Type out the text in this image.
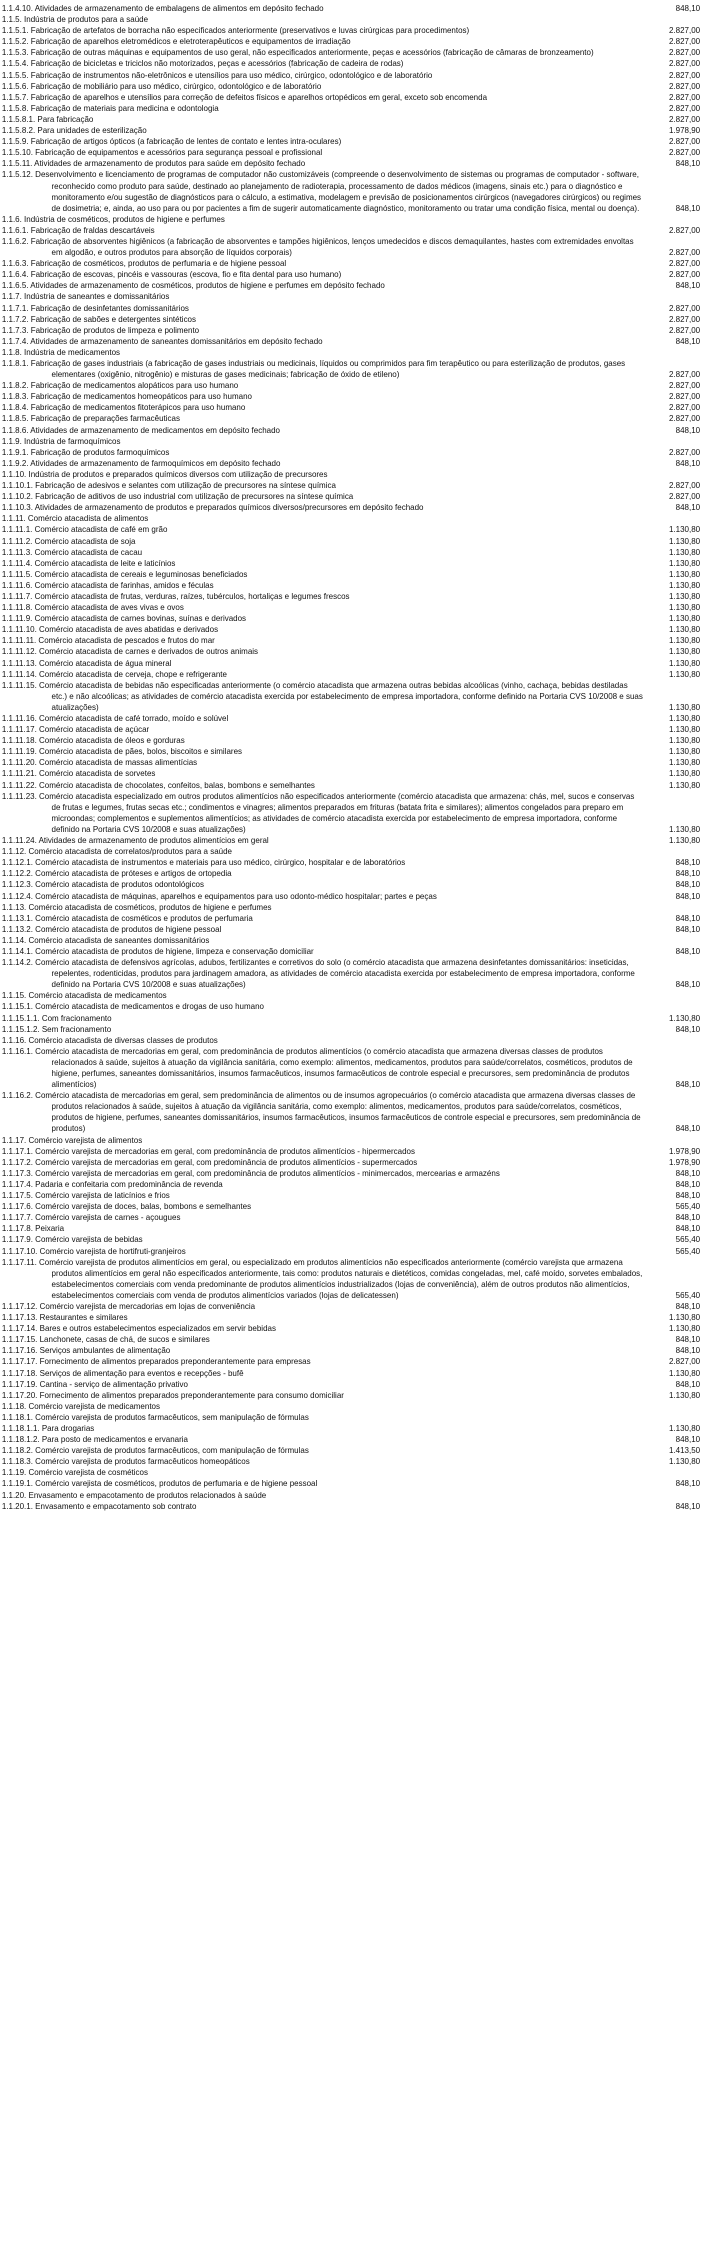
1.1.4.10. Atividades de armazenamento de embalagens de alimentos em depósito fechado	848,10
1.1.5. Indústria de produtos para a saúde
1.1.5.1. Fabricação de artefatos de borracha não especificados anteriormente (preservativos e luvas cirúrgicas para procedimentos)	2.827,00
1.1.5.2. Fabricação de aparelhos eletromédicos e eletroterapêuticos e equipamentos de irradiação	2.827,00
1.1.5.3. Fabricação de outras máquinas e equipamentos de uso geral, não especificados anteriormente, peças e acessórios (fabricação de câmaras de bronzeamento)	2.827,00
1.1.5.4. Fabricação de bicicletas e triciclos não motorizados, peças e acessórios (fabricação de cadeira de rodas)	2.827,00
1.1.5.5. Fabricação de instrumentos não-eletrônicos e utensílios para uso médico, cirúrgico, odontológico e de laboratório	2.827,00
1.1.5.6. Fabricação de mobiliário para uso médico, cirúrgico, odontológico e de laboratório	2.827,00
1.1.5.7. Fabricação de aparelhos e utensílios para correção de defeitos físicos e aparelhos ortopédicos em geral, exceto sob encomenda	2.827,00
1.1.5.8. Fabricação de materiais para medicina e odontologia	2.827,00
1.1.5.8.1. Para fabricação	2.827,00
1.1.5.8.2. Para unidades de esterilização	1.978,90
1.1.5.9. Fabricação de artigos ópticos (a fabricação de lentes de contato e lentes intra-oculares)	2.827,00
1.1.5.10. Fabricação de equipamentos e acessórios para segurança pessoal e profissional	2.827,00
1.1.5.11. Atividades de armazenamento de produtos para saúde em depósito fechado	848,10
1.1.5.12. Desenvolvimento e licenciamento de programas de computador não customizáveis (compreende o desenvolvimento de sistemas ou programas de computador - software, reconhecido como produto para saúde, destinado ao planejamento de radioterapia, processamento de dados médicos (imagens, sinais etc.) para o diagnóstico e monitoramento e/ou sugestão de diagnósticos para o cálculo, a estimativa, modelagem e previsão de posicionamentos cirúrgicos (navegadores cirúrgicos) ou regimes de dosimetria; e, ainda, ao uso para ou por pacientes a fim de sugerir automaticamente diagnóstico, monitoramento ou tratar uma condição física, mental ou doença).	848,10
1.1.6. Indústria de cosméticos, produtos de higiene e perfumes
1.1.6.1. Fabricação de fraldas descartáveis	2.827,00
1.1.6.2. Fabricação de absorventes higiênicos (a fabricação de absorventes e tampões higiênicos, lenços umedecidos e discos demaquilantes, hastes com extremidades envoltas em algodão, e outros produtos para absorção de líquidos corporais)	2.827,00
1.1.6.3. Fabricação de cosméticos, produtos de perfumaria e de higiene pessoal	2.827,00
1.1.6.4. Fabricação de escovas, pincéis e vassouras (escova, fio e fita dental para uso humano)	2.827,00
1.1.6.5. Atividades de armazenamento de cosméticos, produtos de higiene e perfumes em depósito fechado	848,10
1.1.7. Indústria de saneantes e domissanitários
1.1.7.1. Fabricação de desinfetantes domissanitários	2.827,00
1.1.7.2. Fabricação de sabões e detergentes sintéticos	2.827,00
1.1.7.3. Fabricação de produtos de limpeza e polimento	2.827,00
1.1.7.4. Atividades de armazenamento de saneantes domissanitários em depósito fechado	848,10
1.1.8. Indústria de medicamentos
1.1.8.1. Fabricação de gases industriais (a fabricação de gases industriais ou medicinais, líquidos ou comprimidos para fim terapêutico ou para esterilização de produtos, gases elementares (oxigênio, nitrogênio) e misturas de gases medicinais; fabricação de óxido de etileno)	2.827,00
1.1.8.2. Fabricação de medicamentos alopáticos para uso humano	2.827,00
1.1.8.3. Fabricação de medicamentos homeopáticos para uso humano	2.827,00
1.1.8.4. Fabricação de medicamentos fitoterápicos para uso humano	2.827,00
1.1.8.5. Fabricação de preparações farmacêuticas	2.827,00
1.1.8.6. Atividades de armazenamento de medicamentos em depósito fechado	848,10
1.1.9. Indústria de farmoquímicos
1.1.9.1. Fabricação de produtos farmoquímicos	2.827,00
1.1.9.2. Atividades de armazenamento de farmoquímicos em depósito fechado	848,10
1.1.10. Indústria de produtos e preparados químicos diversos com utilização de precursores
1.1.10.1. Fabricação de adesivos e selantes com utilização de precursores na síntese química	2.827,00
1.1.10.2. Fabricação de aditivos de uso industrial com utilização de precursores na síntese química	2.827,00
1.1.10.3. Atividades de armazenamento de produtos e preparados químicos diversos/precursores em depósito fechado	848,10
1.1.11. Comércio atacadista de alimentos
1.1.11.1. Comércio atacadista de café em grão	1.130,80
1.1.11.2. Comércio atacadista de soja	1.130,80
1.1.11.3. Comércio atacadista de cacau	1.130,80
1.1.11.4. Comércio atacadista de leite e laticínios	1.130,80
1.1.11.5. Comércio atacadista de cereais e leguminosas beneficiados	1.130,80
1.1.11.6. Comércio atacadista de farinhas, amidos e féculas	1.130,80
1.1.11.7. Comércio atacadista de frutas, verduras, raízes, tubérculos, hortaliças e legumes frescos	1.130,80
1.1.11.8. Comércio atacadista de aves vivas e ovos	1.130,80
1.1.11.9. Comércio atacadista de carnes bovinas, suínas e derivados	1.130,80
1.1.11.10. Comércio atacadista de aves abatidas e derivados	1.130,80
1.1.11.11. Comércio atacadista de pescados e frutos do mar	1.130,80
1.1.11.12. Comércio atacadista de carnes e derivados de outros animais	1.130,80
1.1.11.13. Comércio atacadista de água mineral	1.130,80
1.1.11.14. Comércio atacadista de cerveja, chope e refrigerante	1.130,80
1.1.11.15. Comércio atacadista de bebidas não especificadas anteriormente (o comércio atacadista que armazena outras bebidas alcoólicas (vinho, cachaça, bebidas destiladas etc.) e não alcoólicas; as atividades de comércio atacadista exercida por estabelecimento de empresa importadora, conforme definido na Portaria CVS 10/2008 e suas atualizações)	1.130,80
1.1.11.16. Comércio atacadista de café torrado, moído e solúvel	1.130,80
1.1.11.17. Comércio atacadista de açúcar	1.130,80
1.1.11.18. Comércio atacadista de óleos e gorduras	1.130,80
1.1.11.19. Comércio atacadista de pães, bolos, biscoitos e similares	1.130,80
1.1.11.20. Comércio atacadista de massas alimentícias	1.130,80
1.1.11.21. Comércio atacadista de sorvetes	1.130,80
1.1.11.22. Comércio atacadista de chocolates, confeitos, balas, bombons e semelhantes	1.130,80
1.1.11.23. Comércio atacadista especializado em outros produtos alimentícios não especificados anteriormente (comércio atacadista que armazena: chás, mel, sucos e conservas de frutas e legumes, frutas secas etc.; condimentos e vinagres; alimentos preparados em frituras (batata frita e similares); alimentos congelados para preparo em microondas; complementos e suplementos alimentícios; as atividades de comércio atacadista exercida por estabelecimento de empresa importadora, conforme definido na Portaria CVS 10/2008 e suas atualizações)	1.130,80
1.1.11.24. Atividades de armazenamento de produtos alimentícios em geral	1.130,80
1.1.12. Comércio atacadista de correlatos/produtos para a saúde
1.1.12.1. Comércio atacadista de instrumentos e materiais para uso médico, cirúrgico, hospitalar e de laboratórios	848,10
1.1.12.2. Comércio atacadista de próteses e artigos de ortopedia	848,10
1.1.12.3. Comércio atacadista de produtos odontológicos	848,10
1.1.12.4. Comércio atacadista de máquinas, aparelhos e equipamentos para uso odonto-médico hospitalar; partes e peças	848,10
1.1.13. Comércio atacadista de cosméticos, produtos de higiene e perfumes
1.1.13.1. Comércio atacadista de cosméticos e produtos de perfumaria	848,10
1.1.13.2. Comércio atacadista de produtos de higiene pessoal	848,10
1.1.14. Comércio atacadista de saneantes domissanitários
1.1.14.1. Comércio atacadista de produtos de higiene, limpeza e conservação domiciliar	848,10
1.1.14.2. Comércio atacadista de defensivos agrícolas, adubos, fertilizantes e corretivos do solo (o comércio atacadista que armazena desinfetantes domissanitários: inseticidas, repelentes, rodenticidas, produtos para jardinagem amadora, as atividades de comércio atacadista exercida por estabelecimento de empresa importadora, conforme definido na Portaria CVS 10/2008 e suas atualizações)	848,10
1.1.15. Comércio atacadista de medicamentos
1.1.15.1. Comércio atacadista de medicamentos e drogas de uso humano
1.1.15.1.1. Com fracionamento	1.130,80
1.1.15.1.2. Sem fracionamento	848,10
1.1.16. Comércio atacadista de diversas classes de produtos
1.1.16.1. Comércio atacadista de mercadorias em geral, com predominância de produtos alimentícios (o comércio atacadista que armazena diversas classes de produtos relacionados à saúde, sujeitos à atuação da vigilância sanitária, como exemplo: alimentos, medicamentos, produtos para saúde/correlatos, cosméticos, produtos de higiene, perfumes, saneantes domissanitários, insumos farmacêuticos, insumos farmacêuticos de controle especial e precursores, sem predominância de produtos alimentícios)	848,10
1.1.16.2. Comércio atacadista de mercadorias em geral, sem predominância de alimentos ou de insumos agropecuários (o comércio atacadista que armazena diversas classes de produtos relacionados à saúde, sujeitos à atuação da vigilância sanitária, como exemplo: alimentos, medicamentos, produtos para saúde/correlatos, cosméticos, produtos de higiene, perfumes, saneantes domissanitários, insumos farmacêuticos, insumos farmacêuticos de controle especial e precursores, sem predominância de produtos)	848,10
1.1.17. Comércio varejista de alimentos
1.1.17.1. Comércio varejista de mercadorias em geral, com predominância de produtos alimentícios - hipermercados	1.978,90
1.1.17.2. Comércio varejista de mercadorias em geral, com predominância de produtos alimentícios - supermercados	1.978,90
1.1.17.3. Comércio varejista de mercadorias em geral, com predominância de produtos alimentícios - minimercados, mercearias e armazéns	848,10
1.1.17.4. Padaria e confeitaria com predominância de revenda	848,10
1.1.17.5. Comércio varejista de laticínios e frios	848,10
1.1.17.6. Comércio varejista de doces, balas, bombons e semelhantes	565,40
1.1.17.7. Comércio varejista de carnes - açougues	848,10
1.1.17.8. Peixaria	848,10
1.1.17.9. Comércio varejista de bebidas	565,40
1.1.17.10. Comércio varejista de hortifruti-granjeiros	565,40
1.1.17.11. Comércio varejista de produtos alimentícios em geral, ou especializado em produtos alimentícios não especificados anteriormente (comércio varejista que armazena produtos alimentícios em geral não especificados anteriormente, tais como: produtos naturais e dietéticos, comidas congeladas, mel, café moído, sorvetes embalados, estabelecimentos comerciais com venda predominante de produtos alimentícios industrializados (lojas de conveniência), além de outros produtos não alimentícios, estabelecimentos comerciais com venda de produtos alimentícios variados (lojas de delicatessen)	565,40
1.1.17.12. Comércio varejista de mercadorias em lojas de conveniência	848,10
1.1.17.13. Restaurantes e similares	1.130,80
1.1.17.14. Bares e outros estabelecimentos especializados em servir bebidas	1.130,80
1.1.17.15. Lanchonete, casas de chá, de sucos e similares	848,10
1.1.17.16. Serviços ambulantes de alimentação	848,10
1.1.17.17. Fornecimento de alimentos preparados preponderantemente para empresas	2.827,00
1.1.17.18. Serviços de alimentação para eventos e recepções - bufê	1.130,80
1.1.17.19. Cantina - serviço de alimentação privativo	848,10
1.1.17.20. Fornecimento de alimentos preparados preponderantemente para consumo domiciliar	1.130,80
1.1.18. Comércio varejista de medicamentos
1.1.18.1. Comércio varejista de produtos farmacêuticos, sem manipulação de fórmulas
1.1.18.1.1. Para drogarias	1.130,80
1.1.18.1.2. Para posto de medicamentos e ervanaria	848,10
1.1.18.2. Comércio varejista de produtos farmacêuticos, com manipulação de fórmulas	1.413,50
1.1.18.3. Comércio varejista de produtos farmacêuticos homeopáticos	1.130,80
1.1.19. Comércio varejista de cosméticos
1.1.19.1. Comércio varejista de cosméticos, produtos de perfumaria e de higiene pessoal	848,10
1.1.20. Envasamento e empacotamento de produtos relacionados à saúde
1.1.20.1. Envasamento e empacotamento sob contrato	848,10
